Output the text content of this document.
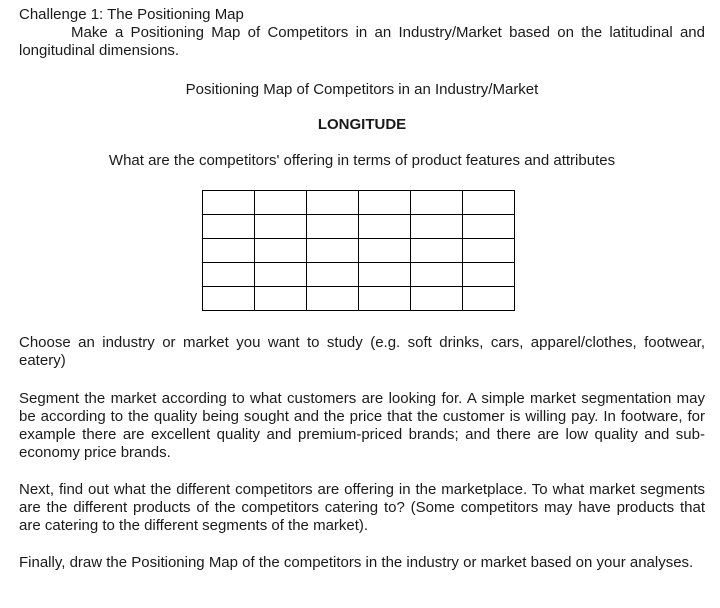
Challenge 1: The Positioning Map

Make a Positioning Map of Competitors in an Industry/Market based on the latitudinal and longitudinal dimensions.

Positioning Map of Competitors in an Industry/Market

LONGITUDE

What are the competitors' offering in terms of product features and attributes

Choose an industry or market you want to study (e.g. soft drinks, cars, apparel/clothes, footwear, eatery)

Segment the market according to what customers are looking for. A simple market segmentation may be according to the quality being sought and the price that the customer is willing pay. In footware, for example there are excellent quality and premium-priced brands; and there are low quality and sub-economy price brands.

Next, find out what the different competitors are offering in the marketplace. To what market segments are the different products of the competitors catering to? (Some competitors may have products that are catering to the different segments of the market).

Finally, draw the Positioning Map of the competitors in the industry or market based on your analyses.
